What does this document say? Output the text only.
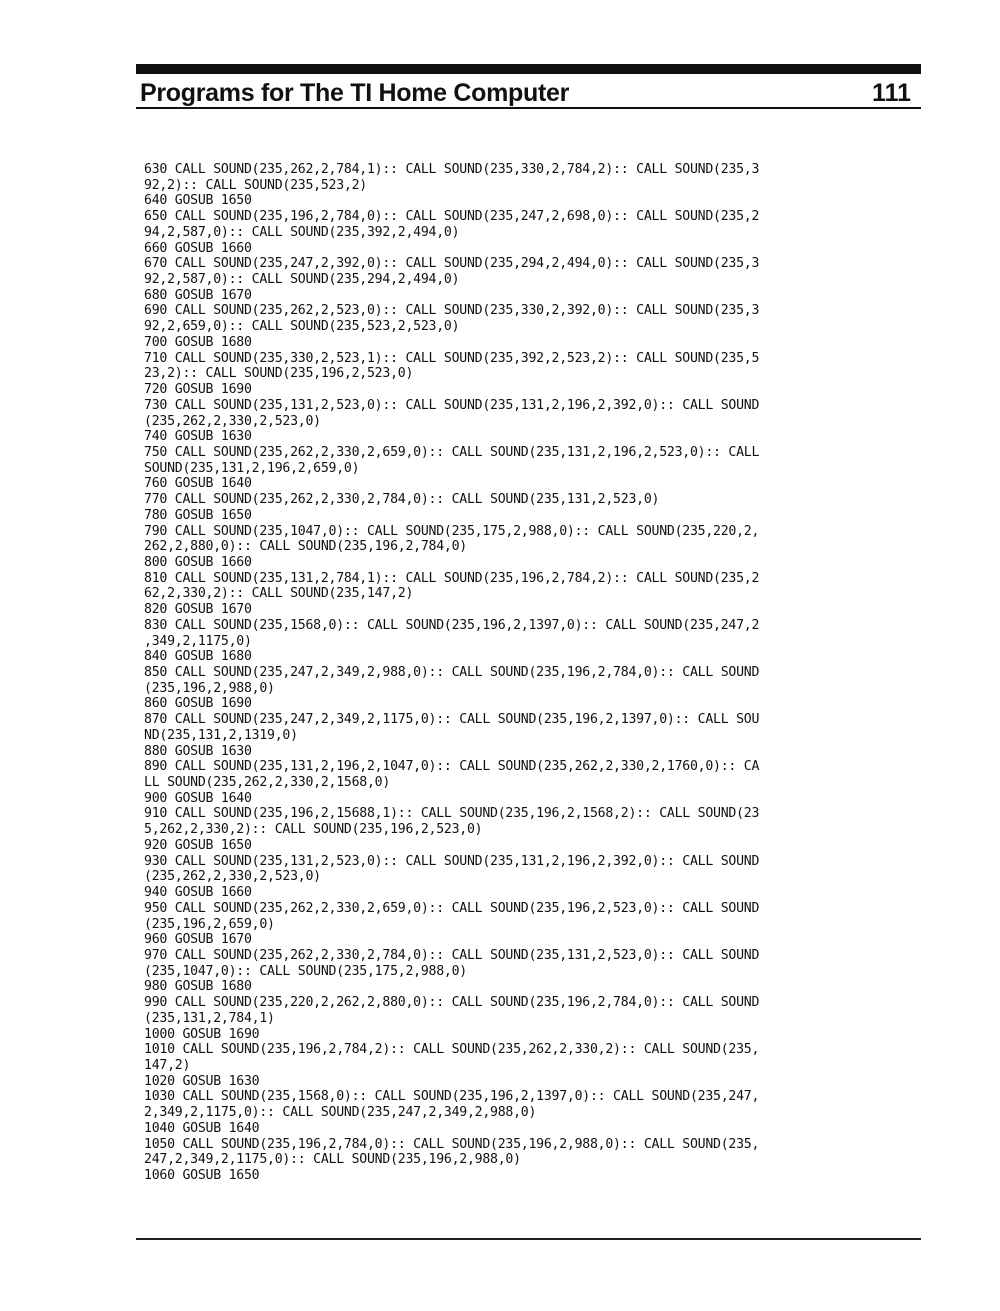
Programs for The TI Home Computer	111
630 CALL SOUND(235,262,2,784,1):: CALL SOUND(235,330,2,784,2):: CALL SOUND(235,3
92,2):: CALL SOUND(235,523,2)
640 GOSUB 1650
650 CALL SOUND(235,196,2,784,0):: CALL SOUND(235,247,2,698,0):: CALL SOUND(235,2
94,2,587,0):: CALL SOUND(235,392,2,494,0)
660 GOSUB 1660
670 CALL SOUND(235,247,2,392,0):: CALL SOUND(235,294,2,494,0):: CALL SOUND(235,3
92,2,587,0):: CALL SOUND(235,294,2,494,0)
680 GOSUB 1670
690 CALL SOUND(235,262,2,523,0):: CALL SOUND(235,330,2,392,0):: CALL SOUND(235,3
92,2,659,0):: CALL SOUND(235,523,2,523,0)
700 GOSUB 1680
710 CALL SOUND(235,330,2,523,1):: CALL SOUND(235,392,2,523,2):: CALL SOUND(235,5
23,2):: CALL SOUND(235,196,2,523,0)
720 GOSUB 1690
730 CALL SOUND(235,131,2,523,0):: CALL SOUND(235,131,2,196,2,392,0):: CALL SOUND
(235,262,2,330,2,523,0)
740 GOSUB 1630
750 CALL SOUND(235,262,2,330,2,659,0):: CALL SOUND(235,131,2,196,2,523,0):: CALL
SOUND(235,131,2,196,2,659,0)
760 GOSUB 1640
770 CALL SOUND(235,262,2,330,2,784,0):: CALL SOUND(235,131,2,523,0)
780 GOSUB 1650
790 CALL SOUND(235,1047,0):: CALL SOUND(235,175,2,988,0):: CALL SOUND(235,220,2,
262,2,880,0):: CALL SOUND(235,196,2,784,0)
800 GOSUB 1660
810 CALL SOUND(235,131,2,784,1):: CALL SOUND(235,196,2,784,2):: CALL SOUND(235,2
62,2,330,2):: CALL SOUND(235,147,2)
820 GOSUB 1670
830 CALL SOUND(235,1568,0):: CALL SOUND(235,196,2,1397,0):: CALL SOUND(235,247,2
,349,2,1175,0)
840 GOSUB 1680
850 CALL SOUND(235,247,2,349,2,988,0):: CALL SOUND(235,196,2,784,0):: CALL SOUND
(235,196,2,988,0)
860 GOSUB 1690
870 CALL SOUND(235,247,2,349,2,1175,0):: CALL SOUND(235,196,2,1397,0):: CALL SOU
ND(235,131,2,1319,0)
880 GOSUB 1630
890 CALL SOUND(235,131,2,196,2,1047,0):: CALL SOUND(235,262,2,330,2,1760,0):: CA
LL SOUND(235,262,2,330,2,1568,0)
900 GOSUB 1640
910 CALL SOUND(235,196,2,15688,1):: CALL SOUND(235,196,2,1568,2):: CALL SOUND(23
5,262,2,330,2):: CALL SOUND(235,196,2,523,0)
920 GOSUB 1650
930 CALL SOUND(235,131,2,523,0):: CALL SOUND(235,131,2,196,2,392,0):: CALL SOUND
(235,262,2,330,2,523,0)
940 GOSUB 1660
950 CALL SOUND(235,262,2,330,2,659,0):: CALL SOUND(235,196,2,523,0):: CALL SOUND
(235,196,2,659,0)
960 GOSUB 1670
970 CALL SOUND(235,262,2,330,2,784,0):: CALL SOUND(235,131,2,523,0):: CALL SOUND
(235,1047,0):: CALL SOUND(235,175,2,988,0)
980 GOSUB 1680
990 CALL SOUND(235,220,2,262,2,880,0):: CALL SOUND(235,196,2,784,0):: CALL SOUND
(235,131,2,784,1)
1000 GOSUB 1690
1010 CALL SOUND(235,196,2,784,2):: CALL SOUND(235,262,2,330,2):: CALL SOUND(235,
147,2)
1020 GOSUB 1630
1030 CALL SOUND(235,1568,0):: CALL SOUND(235,196,2,1397,0):: CALL SOUND(235,247,
2,349,2,1175,0):: CALL SOUND(235,247,2,349,2,988,0)
1040 GOSUB 1640
1050 CALL SOUND(235,196,2,784,0):: CALL SOUND(235,196,2,988,0):: CALL SOUND(235,
247,2,349,2,1175,0):: CALL SOUND(235,196,2,988,0)
1060 GOSUB 1650
